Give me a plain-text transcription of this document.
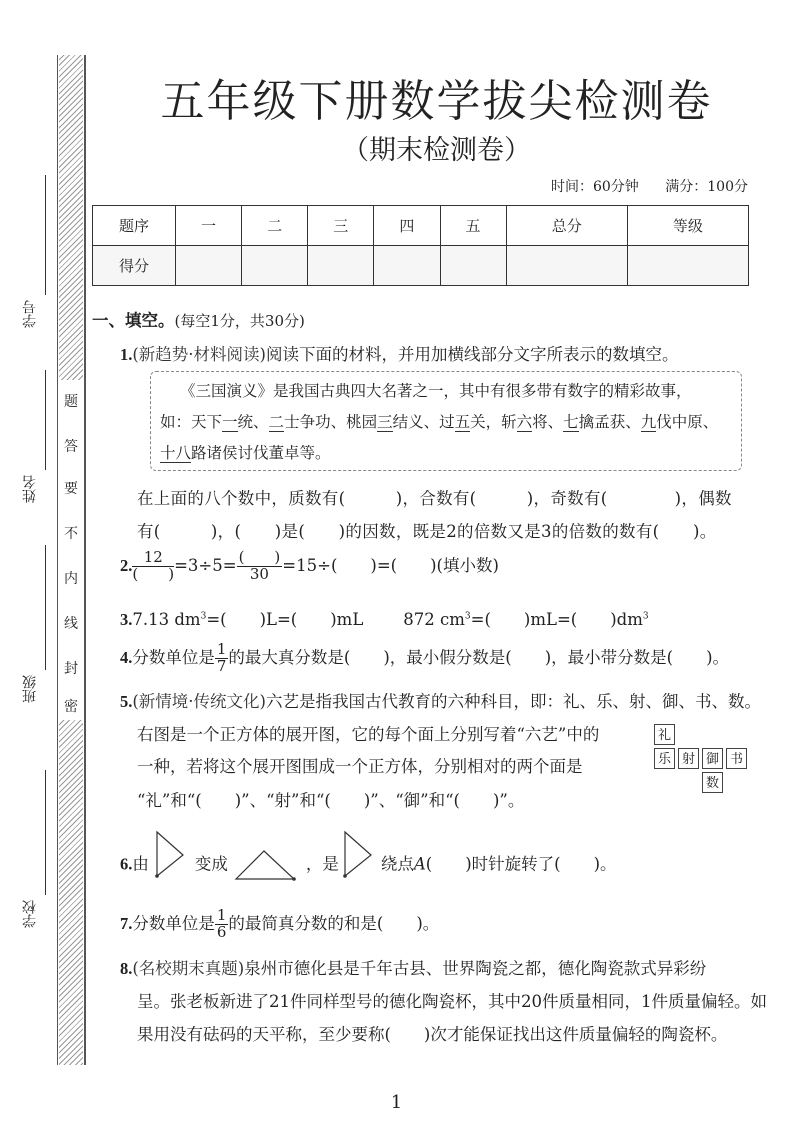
学号
姓名
班级
学校
题
答
要
不
内
线
封
密
五年级下册数学拔尖检测卷
（期末检测卷）
时间：60分钟 满分：100分
题序	一	二	三	四	五	总分	等级
得分							
一、填空。(每空1分，共30分)
1.(新趋势·材料阅读)阅读下面的材料，并用加横线部分文字所表示的数填空。
《三国演义》是我国古典四大名著之一，其中有很多带有数字的精彩故事，
如：天下一统、二士争功、桃园三结义、过五关，斩六将、七擒孟获、九伐中原、
十八路诸侯讨伐董卓等。
在上面的八个数中，质数有(　　　)，合数有(　　　)，奇数有(　　　　)，偶数
有(　　　)，(　　)是(　　)的因数，既是2的倍数又是3的倍数的数有(　　)。
2. $\frac{12}{( )} =3\div 5= \frac{( )}{30} =15\div$(　　)=(　　)(填小数)
3.7.13 $dm^3=$(　　)L=(　　)mL 872 $cm^3=$(　　)mL=(　　)$dm^3$
4.分数单位是 $\frac{1}{7}$ 的最大真分数是(　　)，最小假分数是(　　)，最小带分数是(　　)。
5.(新情境·传统文化)六艺是指我国古代教育的六种科目，即：礼、乐、射、御、书、数。
右图是一个正方体的展开图，它的每个面上分别写着“六艺”中的
一种，若将这个展开图围成一个正方体，分别相对的两个面是
“礼”和“(　　)”、“射”和“(　　)”、“御”和“(　　)”。
礼
乐 射 御 书
数
6.由	变成	，是	绕点A(　　)时针旋转了(　　)。
7.分数单位是 $\frac{1}{6}$ 的最简真分数的和是(　　)。
8.(名校期末真题)泉州市德化县是千年古县、世界陶瓷之都，德化陶瓷款式异彩纷
呈。张老板新进了21件同样型号的德化陶瓷杯，其中20件质量相同，1件质量偏轻。如
果用没有砝码的天平称，至少要称(　　)次才能保证找出这件质量偏轻的陶瓷杯。
1
